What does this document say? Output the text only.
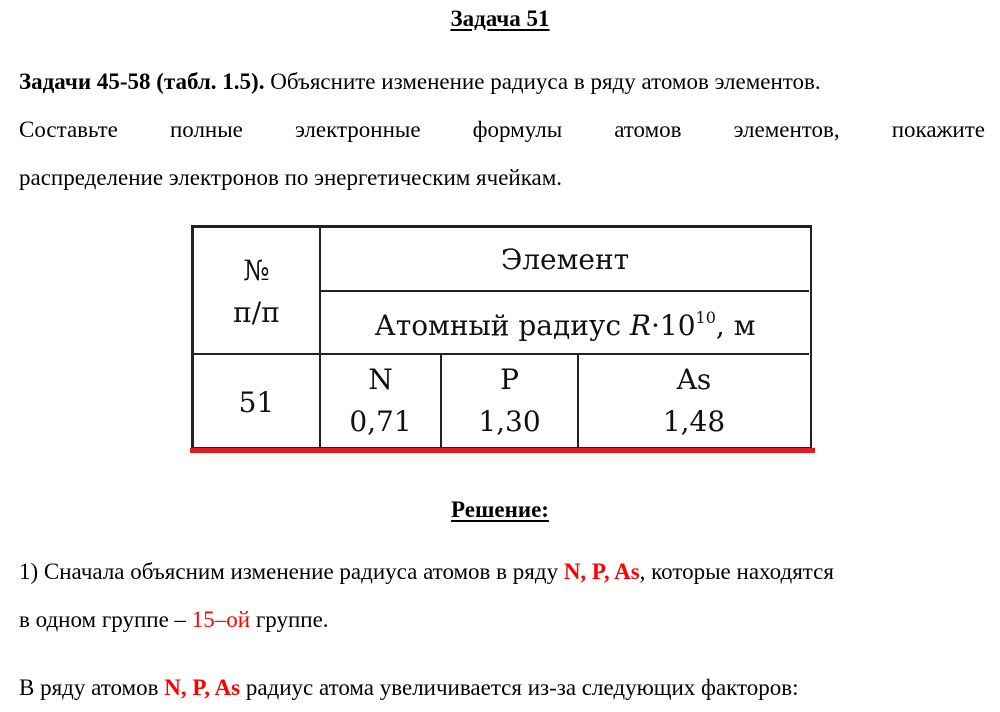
Задача 51
Задачи 45-58 (табл. 1.5). Объясните изменение радиуса в ряду атомов элементов.
Составьте полные электронные формулы атомов элементов, покажите
распределение электронов по энергетическим ячейкам.
№
п/п
Элемент
Атомный радиус $R\cdot 10^{10}$, м
51
N
0,71
P
1,30
As
1,48
Решение:
1) Сначала объясним изменение радиуса атомов в ряду N, P, As, которые находятся
в одном группе – 15–ой группе.
В ряду атомов N, P, As радиус атома увеличивается из-за следующих факторов:
